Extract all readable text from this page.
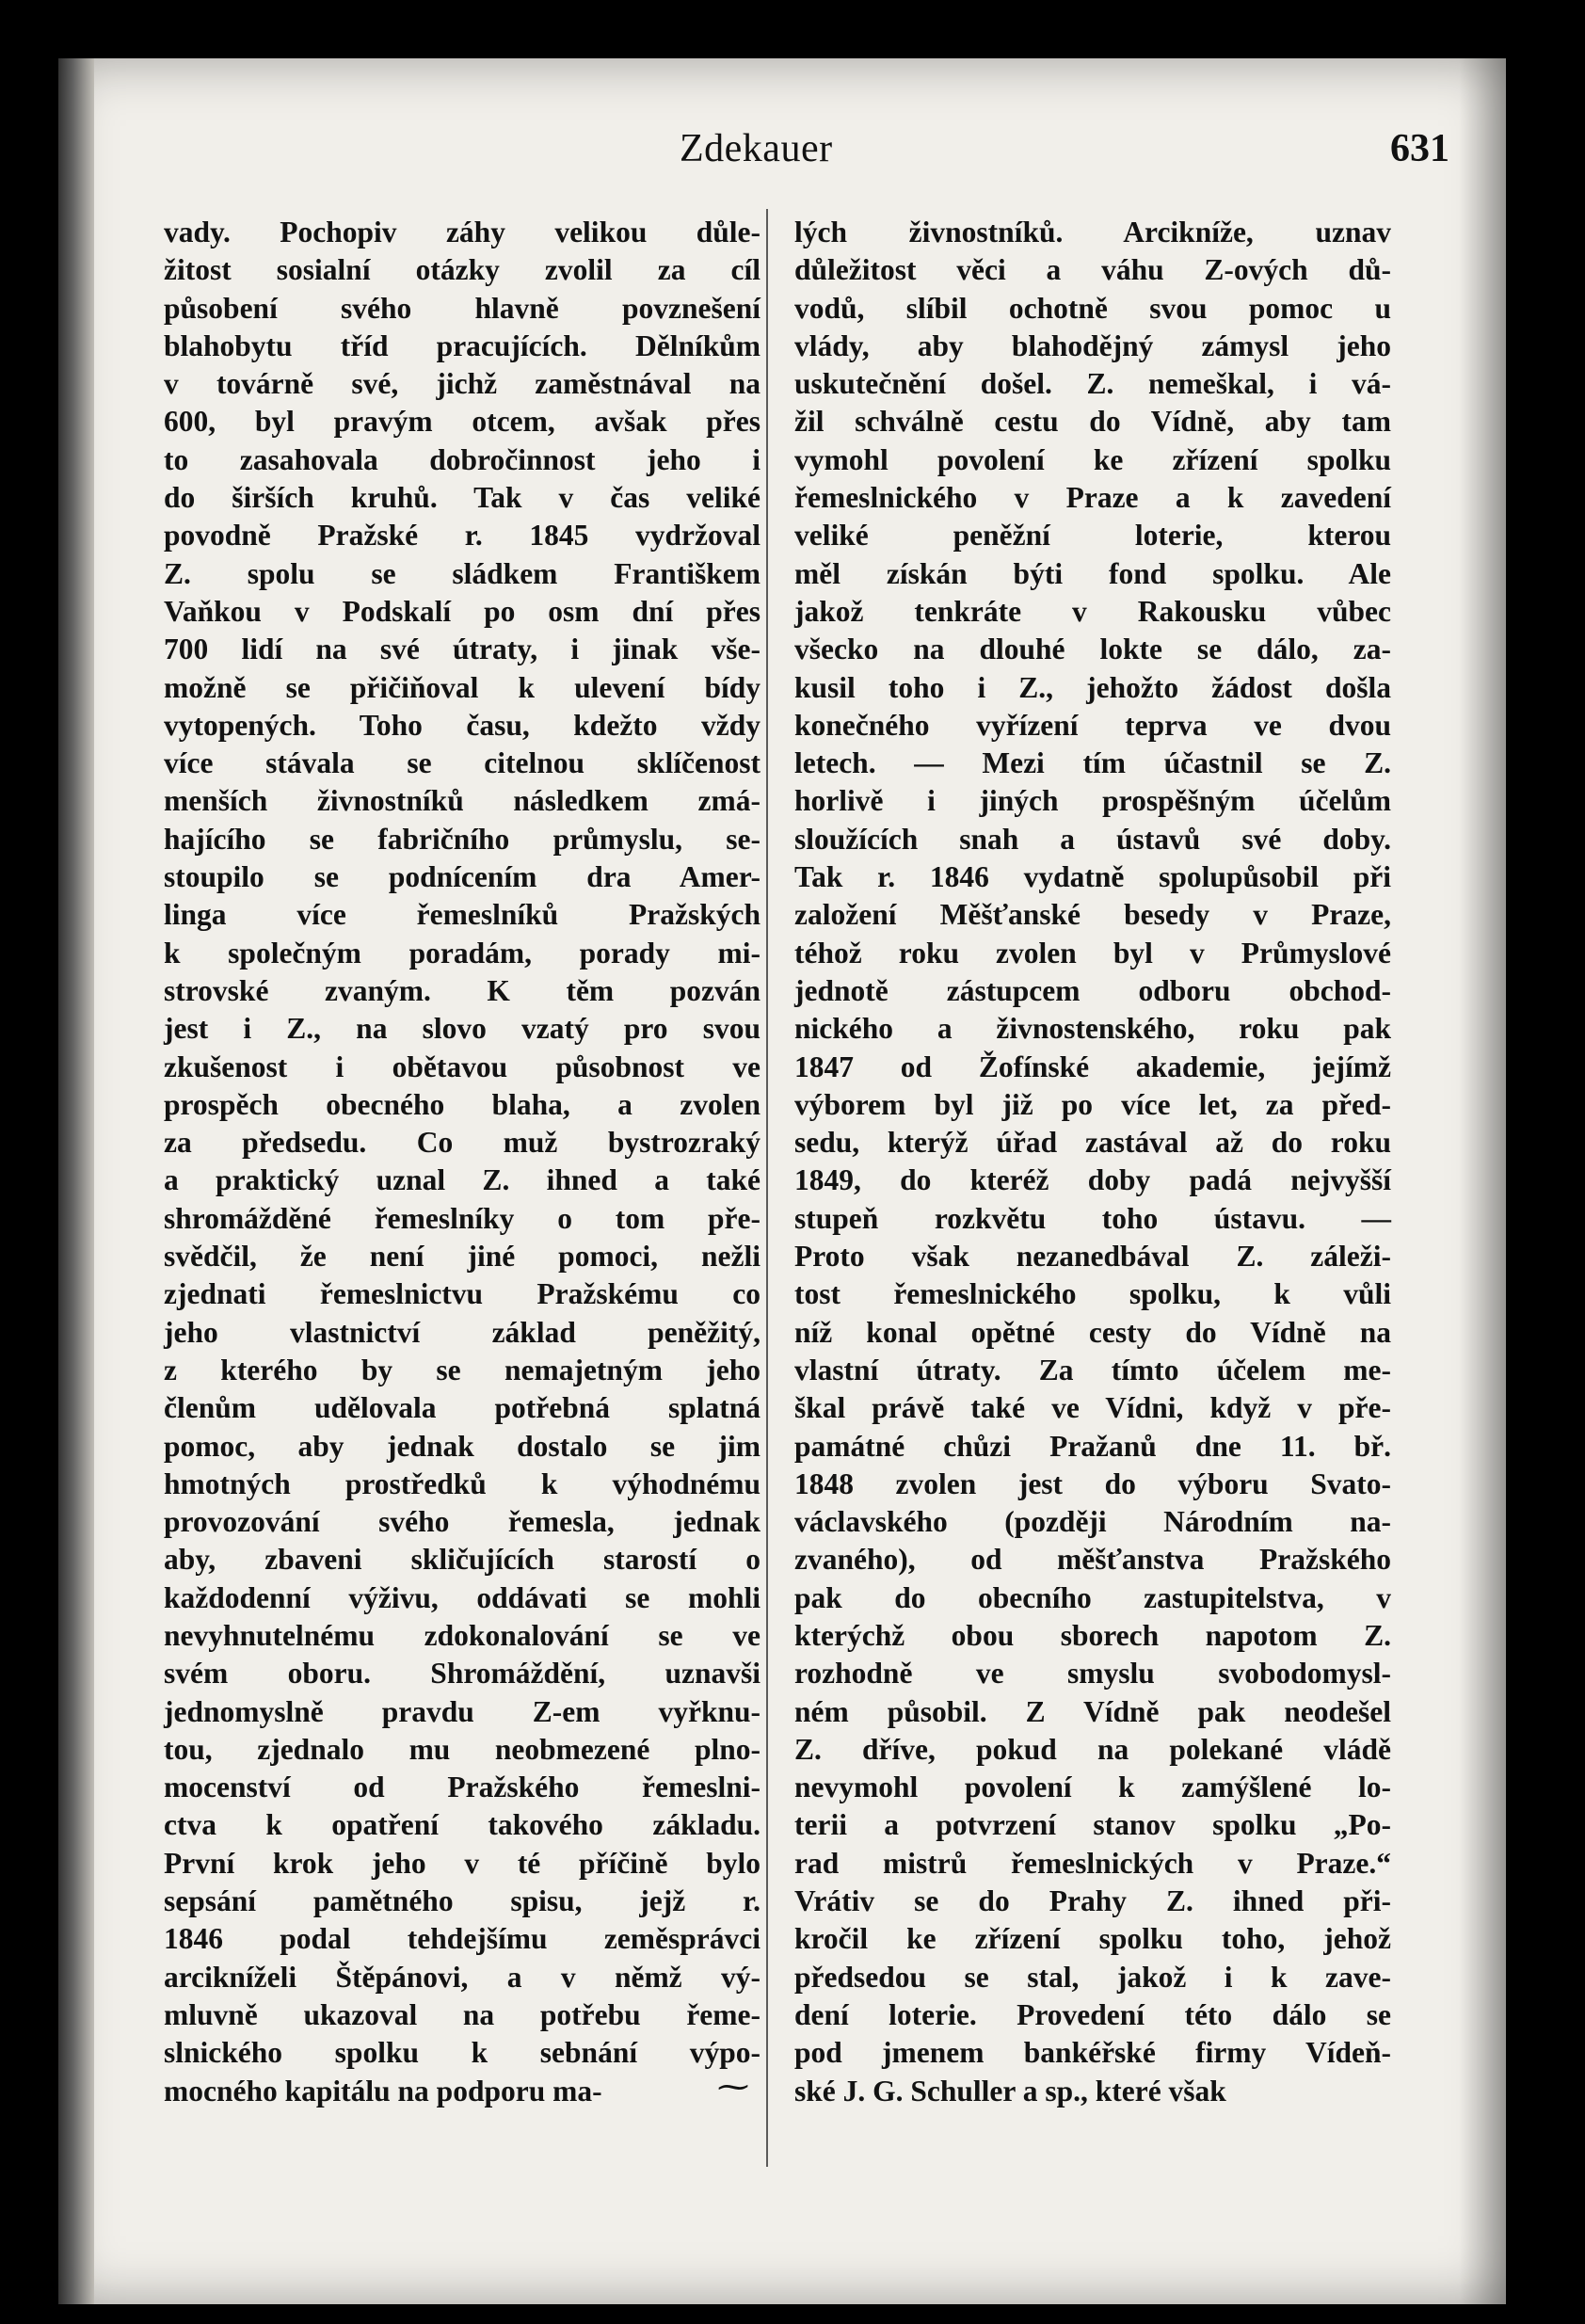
Zdekauer	631
vady. Pochopiv záhy velikou důle-
žitost sosialní otázky zvolil za cíl
působení svého hlavně povznešení
blahobytu tříd pracujících. Dělníkům
v továrně své, jichž zaměstnával na
600, byl pravým otcem, avšak přes
to zasahovala dobročinnost jeho i
do širších kruhů. Tak v čas veliké
povodně Pražské r. 1845 vydržoval
Z. spolu se sládkem Františkem
Vaňkou v Podskalí po osm dní přes
700 lidí na své útraty, i jinak vše-
možně se přičiňoval k ulevení bídy
vytopených. Toho času, kdežto vždy
více stávala se citelnou sklíčenost
menších živnostníků následkem zmá-
hajícího se fabričního průmyslu, se-
stoupilo se podnícením dra Amer-
linga více řemeslníků Pražských
k společným poradám, porady mi-
strovské zvaným. K těm pozván
jest i Z., na slovo vzatý pro svou
zkušenost i obětavou působnost ve
prospěch obecného blaha, a zvolen
za předsedu. Co muž bystrozraký
a praktický uznal Z. ihned a také
shromážděné řemeslníky o tom pře-
svědčil, že není jiné pomoci, nežli
zjednati řemeslnictvu Pražskému co
jeho vlastnictví základ peněžitý,
z kterého by se nemajetným jeho
členům udělovala potřebná splatná
pomoc, aby jednak dostalo se jim
hmotných prostředků k výhodnému
provozování svého řemesla, jednak
aby, zbaveni skličujících starostí o
každodenní výživu, oddávati se mohli
nevyhnutelnému zdokonalování se ve
svém oboru. Shromáždění, uznavši
jednomyslně pravdu Z-em vyřknu-
tou, zjednalo mu neobmezené plno-
mocenství od Pražského řemeslni-
ctva k opatření takového základu.
První krok jeho v té příčině bylo
sepsání pamětného spisu, jejž r.
1846 podal tehdejšímu zeměsprávci
arcikníželi Štěpánovi, a v němž vý-
mluvně ukazoval na potřebu řeme-
slnického spolku k sebnání výpo-
mocného kapitálu na podporu ma-
lých živnostníků. Arcikníže, uznav
důležitost věci a váhu Z-ových dů-
vodů, slíbil ochotně svou pomoc u
vlády, aby blahodějný zámysl jeho
uskutečnění došel. Z. nemeškal, i vá-
žil schválně cestu do Vídně, aby tam
vymohl povolení ke zřízení spolku
řemeslnického v Praze a k zavedení
veliké peněžní loterie, kterou
měl získán býti fond spolku. Ale
jakož tenkráte v Rakousku vůbec
všecko na dlouhé lokte se dálo, za-
kusil toho i Z., jehožto žádost došla
konečného vyřízení teprva ve dvou
letech. — Mezi tím účastnil se Z.
horlivě i jiných prospěšným účelům
sloužících snah a ústavů své doby.
Tak r. 1846 vydatně spolupůsobil při
založení Měšťanské besedy v Praze,
téhož roku zvolen byl v Průmyslové
jednotě zástupcem odboru obchod-
nického a živnostenského, roku pak
1847 od Žofínské akademie, jejímž
výborem byl již po více let, za před-
sedu, kterýž úřad zastával až do roku
1849, do kteréž doby padá nejvyšší
stupeň rozkvětu toho ústavu. —
Proto však nezanedbával Z. záleži-
tost řemeslnického spolku, k vůli
níž konal opětné cesty do Vídně na
vlastní útraty. Za tímto účelem me-
škal právě také ve Vídni, když v pře-
památné chůzi Pražanů dne 11. bř.
1848 zvolen jest do výboru Svato-
václavského (později Národním na-
zvaného), od měšťanstva Pražského
pak do obecního zastupitelstva, v
kterýchž obou sborech napotom Z.
rozhodně ve smyslu svobodomysl-
ném působil. Z Vídně pak neodešel
Z. dříve, pokud na polekané vládě
nevymohl povolení k zamýšlené lo-
terii a potvrzení stanov spolku „Po-
rad mistrů řemeslnických v Praze.“
Vrátiv se do Prahy Z. ihned při-
kročil ke zřízení spolku toho, jehož
předsedou se stal, jakož i k zave-
dení loterie. Provedení této dálo se
pod jmenem bankéřské firmy Vídeň-
ské J. G. Schuller a sp., které však
⁓
